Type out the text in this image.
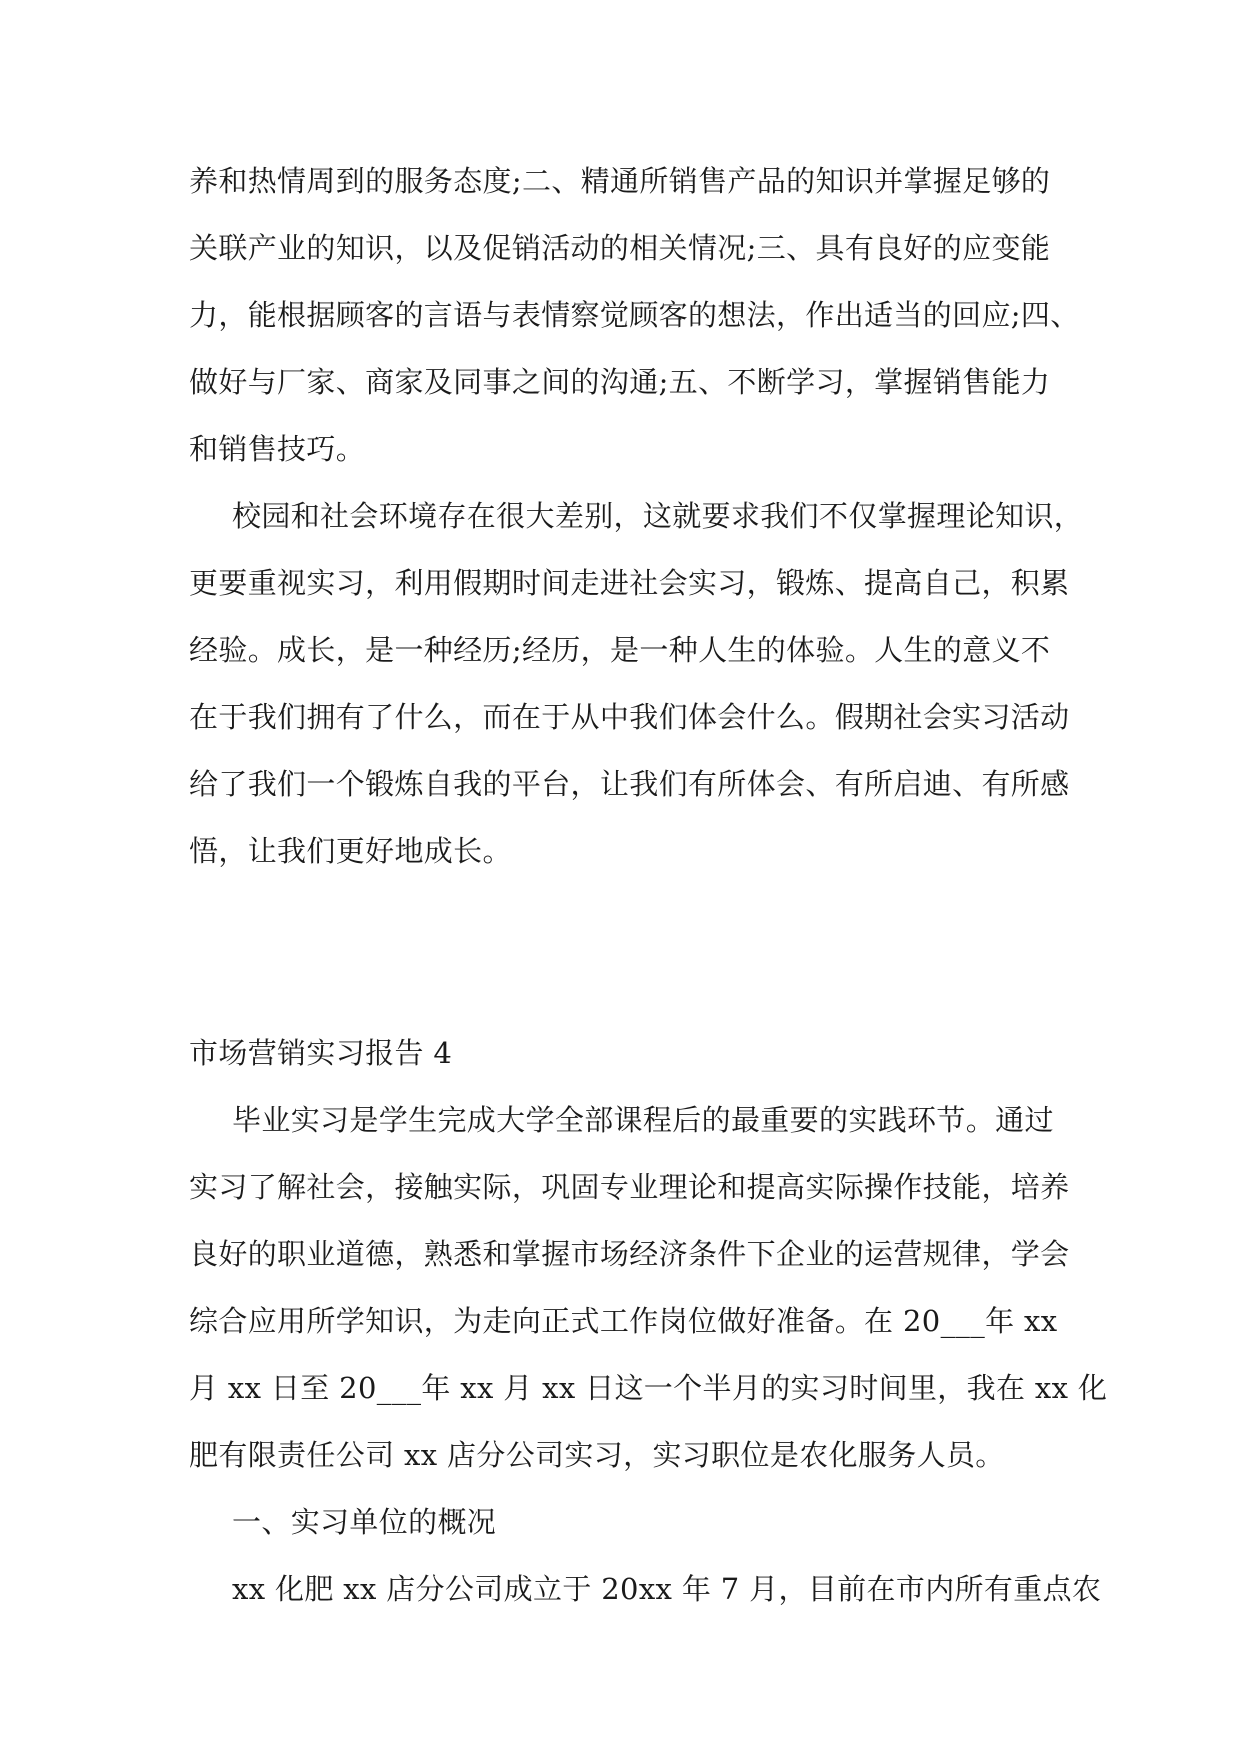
养和热情周到的服务态度;二、精通所销售产品的知识并掌握足够的
关联产业的知识，以及促销活动的相关情况;三、具有良好的应变能
力，能根据顾客的言语与表情察觉顾客的想法，作出适当的回应;四、
做好与厂家、商家及同事之间的沟通;五、不断学习，掌握销售能力
和销售技巧。
校园和社会环境存在很大差别，这就要求我们不仅掌握理论知识，
更要重视实习，利用假期时间走进社会实习，锻炼、提高自己，积累
经验。成长，是一种经历;经历，是一种人生的体验。人生的意义不
在于我们拥有了什么，而在于从中我们体会什么。假期社会实习活动
给了我们一个锻炼自我的平台，让我们有所体会、有所启迪、有所感
悟，让我们更好地成长。
市场营销实习报告 4
毕业实习是学生完成大学全部课程后的最重要的实践环节。通过
实习了解社会，接触实际，巩固专业理论和提高实际操作技能，培养
良好的职业道德，熟悉和掌握市场经济条件下企业的运营规律，学会
综合应用所学知识，为走向正式工作岗位做好准备。在 20___年 xx
月 xx 日至 20___年 xx 月 xx 日这一个半月的实习时间里，我在 xx 化
肥有限责任公司 xx 店分公司实习，实习职位是农化服务人员。
一、实习单位的概况
xx 化肥 xx 店分公司成立于 20xx 年 7 月，目前在市内所有重点农
